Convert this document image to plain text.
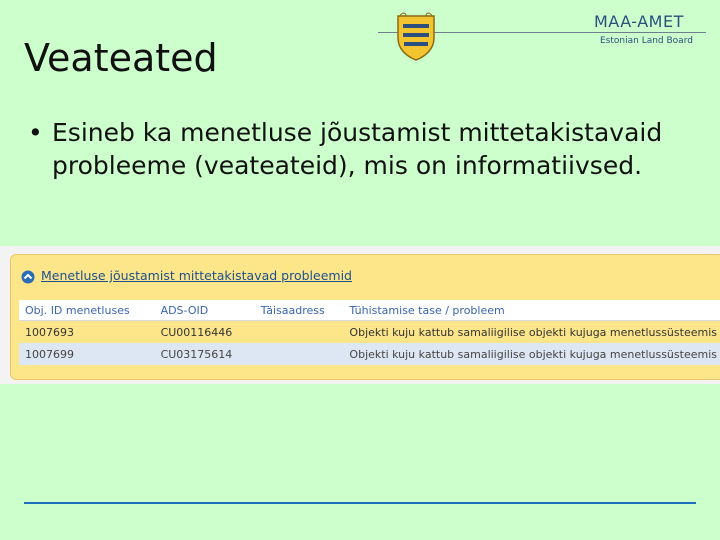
Veateated
MAA-AMET
Estonian Land Board
• Esineb ka menetluse jõustamist mittetakistavaid probleeme (veateateid), mis on informatiivsed.
Menetluse jõustamist mittetakistavad probleemid
Obj. ID menetluses	ADS-OID	Täisaadress	Tühistamise tase / probleem
1007693	CU00116446		Objekti kuju kattub samaliigilise objekti kujuga menetlussüsteemis
1007699	CU03175614		Objekti kuju kattub samaliigilise objekti kujuga menetlussüsteemis
